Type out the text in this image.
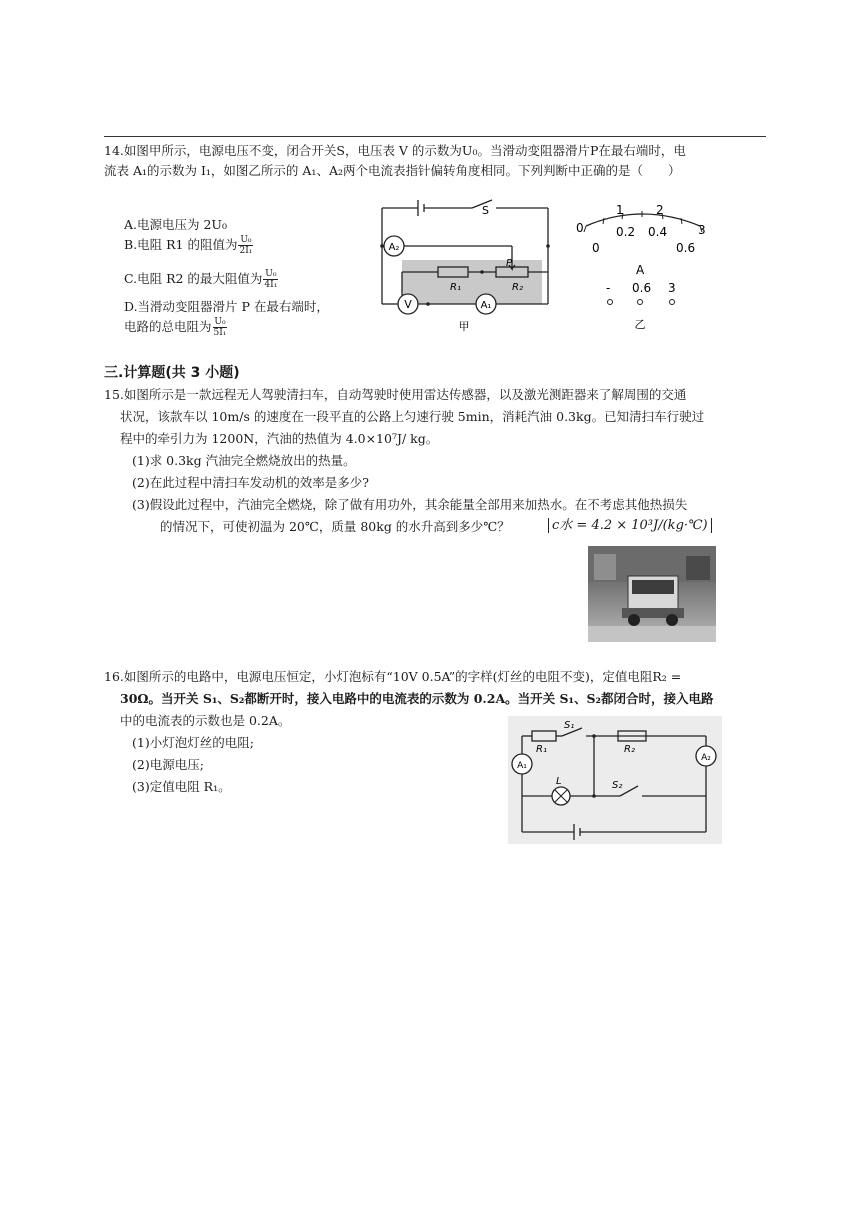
14.如图甲所示，电源电压不变，闭合开关S，电压表 V 的示数为U₀。当滑动变阻器滑片P在最右端时，电
流表 A₁的示数为 I₁，如图乙所示的 A₁、A₂两个电流表指针偏转角度相同。下列判断中正确的是（　　）
A.电源电压为 2U₀
B.电阻 R1 的阻值为 $\frac{\text{U₀}}{\text{2I₁}}$
C.电阻 R2 的最大阻值为 $\frac{\text{U₀}}{\text{4I₁}}$
D.当滑动变阻器滑片 P 在最右端时，
电路的总电阻为 $\frac{\text{U₀}}{\text{5I₁}}$
S
A₂
V	A₁
R₁	R₂
P
甲
0
1	2
3
0
0.2 0.4
0.6
A
- 0.6 3
乙
三.计算题(共 3 小题)
15.如图所示是一款远程无人驾驶清扫车，自动驾驶时使用雷达传感器，以及激光测距器来了解周围的交通
状况，该款车以 10m/s 的速度在一段平直的公路上匀速行驶 5min，消耗汽油 0.3kg。已知清扫车行驶过
程中的牵引力为 1200N，汽油的热值为 4.0×10⁷J/ kg。
(1)求 0.3kg 汽油完全燃烧放出的热量。
(2)在此过程中清扫车发动机的效率是多少?
(3)假设此过程中，汽油完全燃烧，除了做有用功外，其余能量全部用来加热水。在不考虑其他热损失
的情况下，可使初温为 20℃，质量 80kg 的水升高到多少℃？	c水 = 4.2 × 10³J/(kg·℃)
16.如图所示的电路中，电源电压恒定，小灯泡标有“10V 0.5A”的字样(灯丝的电阻不变)，定值电阻R₂ =
30Ω。当开关 S₁、S₂都断开时，接入电路中的电流表的示数为 0.2A。当开关 S₁、S₂都闭合时，接入电路
中的电流表的示数也是 0.2A。
(1)小灯泡灯丝的电阻;
(2)电源电压;
(3)定值电阻 R₁。
S₁
R₁	R₂
A₁
A₂
L	S₂
